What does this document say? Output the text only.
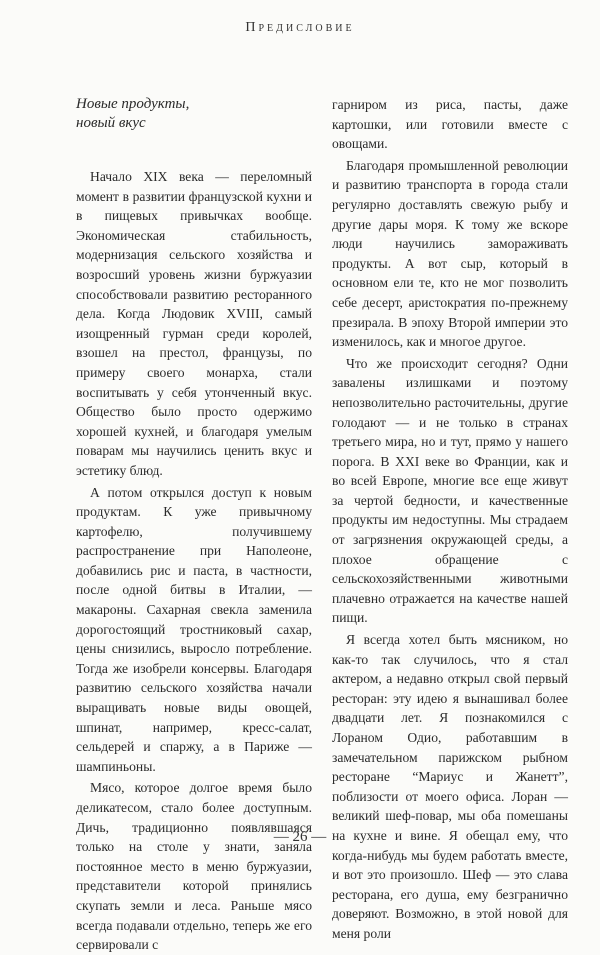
Предисловие
Новые продукты,
новый вкус

Начало XIX века — переломный момент в развитии французской кухни и в пищевых привычках вообще. Экономическая стабильность, модернизация сельского хозяйства и возросший уровень жизни буржуазии способствовали развитию ресторанного дела. Когда Людовик XVIII, самый изощренный гурман среди королей, взошел на престол, французы, по примеру своего монарха, стали воспитывать у себя утонченный вкус. Общество было просто одержимо хорошей кухней, и благодаря умелым поварам мы научились ценить вкус и эстетику блюд.

А потом открылся доступ к новым продуктам. К уже привычному картофелю, получившему распространение при Наполеоне, добавились рис и паста, в частности, после одной битвы в Италии, — макароны. Сахарная свекла заменила дорогостоящий тростниковый сахар, цены снизились, выросло потребление. Тогда же изобрели консервы. Благодаря развитию сельского хозяйства начали выращивать новые виды овощей, шпинат, например, кресс-салат, сельдерей и спаржу, а в Париже — шампиньоны.

Мясо, которое долгое время было деликатесом, стало более доступным. Дичь, традиционно появлявшаяся только на столе у знати, заняла постоянное место в меню буржуазии, представители которой принялись скупать земли и леса. Раньше мясо всегда подавали отдельно, теперь же его сервировали с

гарниром из риса, пасты, даже картошки, или готовили вместе с овощами.

Благодаря промышленной революции и развитию транспорта в города стали регулярно доставлять свежую рыбу и другие дары моря. К тому же вскоре люди научились замораживать продукты. А вот сыр, который в основном ели те, кто не мог позволить себе десерт, аристократия по-прежнему презирала. В эпоху Второй империи это изменилось, как и многое другое.

Что же происходит сегодня? Одни завалены излишками и поэтому непозволительно расточительны, другие голодают — и не только в странах третьего мира, но и тут, прямо у нашего порога. В XXI веке во Франции, как и во всей Европе, многие все еще живут за чертой бедности, и качественные продукты им недоступны. Мы страдаем от загрязнения окружающей среды, а плохое обращение с сельскохозяйственными животными плачевно отражается на качестве нашей пищи.

Я всегда хотел быть мясником, но как-то так случилось, что я стал актером, а недавно открыл свой первый ресторан: эту идею я вынашивал более двадцати лет. Я познакомился с Лораном Одио, работавшим в замечательном парижском рыбном ресторане “Мариус и Жанетт”, поблизости от моего офиса. Лоран — великий шеф-повар, мы оба помешаны на кухне и вине. Я обещал ему, что когда-нибудь мы будем работать вместе, и вот это произошло. Шеф — это слава ресторана, его душа, ему безгранично доверяют. Возможно, в этой новой для меня роли

— 26 —
